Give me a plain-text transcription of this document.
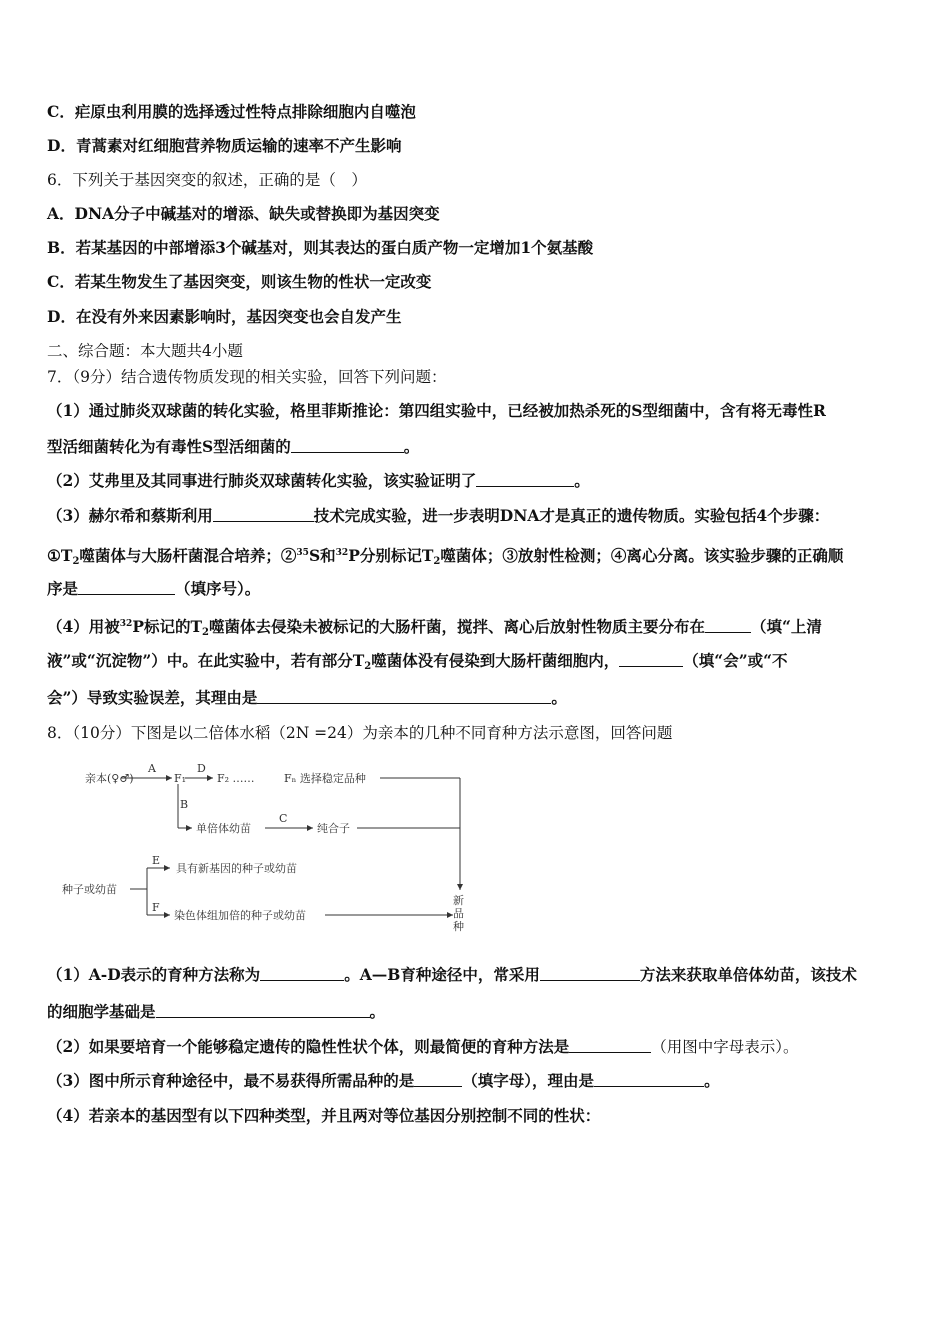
C．疟原虫利用膜的选择透过性特点排除细胞内自噬泡
D．青蒿素对红细胞营养物质运输的速率不产生影响
6．下列关于基因突变的叙述，正确的是（　）
A．DNA分子中碱基对的增添、缺失或替换即为基因突变
B．若某基因的中部增添3个碱基对，则其表达的蛋白质产物一定增加1个氨基酸
C．若某生物发生了基因突变，则该生物的性状一定改变
D．在没有外来因素影响时，基因突变也会自发产生
二、综合题：本大题共4小题
7．（9分）结合遗传物质发现的相关实验，回答下列问题：
（1）通过肺炎双球菌的转化实验，格里菲斯推论：第四组实验中，已经被加热杀死的S型细菌中，含有将无毒性R
型活细菌转化为有毒性S型活细菌的	。
（2）艾弗里及其同事进行肺炎双球菌转化实验，该实验证明了	。
（3）赫尔希和蔡斯利用	技术完成实验，进一步表明DNA才是真正的遗传物质。实验包括4个步骤：
$①T_2$噬菌体与大肠杆菌混合培养；②$^{35}$S和$^{32}$P分别标记$T_2$噬菌体；③放射性检测；④离心分离。该实验步骤的正确顺
序是	（填序号）。
（4）用被$^{32}$P标记的$T_2$噬菌体去侵染未被标记的大肠杆菌，搅拌、离心后放射性物质主要分布在	（填“上清
液”或“沉淀物”）中。在此实验中，若有部分$T_2$噬菌体没有侵染到大肠杆菌细胞内，	（填“会”或“不
会”）导致实验误差，其理由是	。
8．（10分）下图是以二倍体水稻（2N =24）为亲本的几种不同育种方法示意图，回答问题
亲本(♀♂)
A
F₁
D
F₂ ……	Fₙ 选择稳定品种
B
单倍体幼苗
C
纯合子
种子或幼苗
E
具有新基因的种子或幼苗
F
染色体组加倍的种子或幼苗
新
品
种
（1）A-D表示的育种方法称为	。A—B育种途径中，常采用	方法来获取单倍体幼苗，该技术
的细胞学基础是	。
（2）如果要培育一个能够稳定遗传的隐性性状个体，则最简便的育种方法是	（用图中字母表示）。
（3）图中所示育种途径中，最不易获得所需品种的是	（填字母），理由是	。
（4）若亲本的基因型有以下四种类型，并且两对等位基因分别控制不同的性状：
